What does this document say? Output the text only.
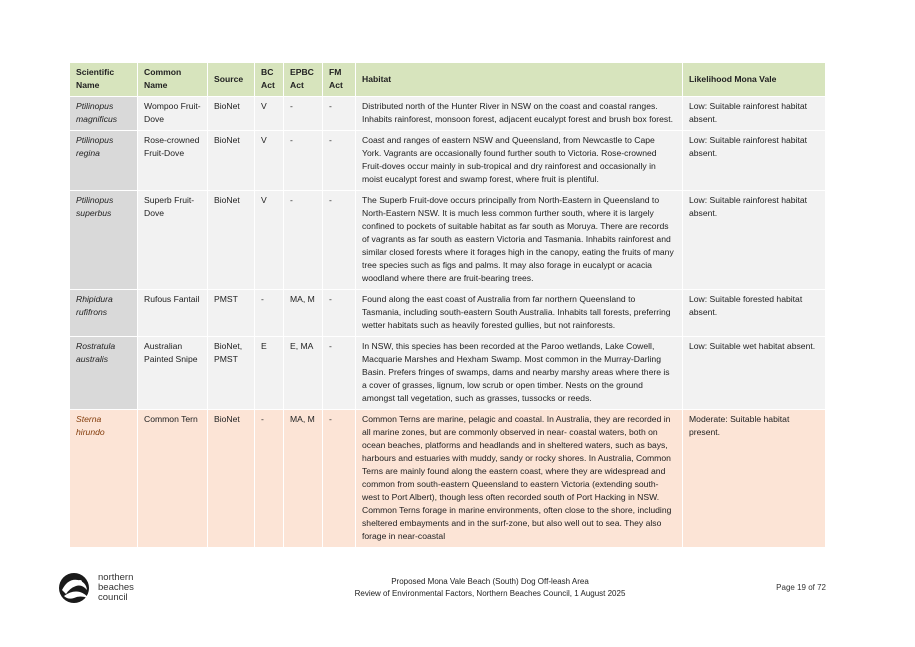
Scientific Name	Common Name	Source	BC Act	EPBC Act	FM Act	Habitat	Likelihood Mona Vale
Ptilinopus magnificus	Wompoo Fruit-Dove	BioNet	V	-	-	Distributed north of the Hunter River in NSW on the coast and coastal ranges. Inhabits rainforest, monsoon forest, adjacent eucalypt forest and brush box forest.	Low: Suitable rainforest habitat absent.
Ptilinopus regina	Rose-crowned Fruit-Dove	BioNet	V	-	-	Coast and ranges of eastern NSW and Queensland, from Newcastle to Cape York. Vagrants are occasionally found further south to Victoria. Rose-crowned Fruit-doves occur mainly in sub-tropical and dry rainforest and occasionally in moist eucalypt forest and swamp forest, where fruit is plentiful.	Low: Suitable rainforest habitat absent.
Ptilinopus superbus	Superb Fruit-Dove	BioNet	V	-	-	The Superb Fruit-dove occurs principally from North-Eastern in Queensland to North-Eastern NSW. It is much less common further south, where it is largely confined to pockets of suitable habitat as far south as Moruya. There are records of vagrants as far south as eastern Victoria and Tasmania. Inhabits rainforest and similar closed forests where it forages high in the canopy, eating the fruits of many tree species such as figs and palms. It may also forage in eucalypt or acacia woodland where there are fruit-bearing trees.	Low: Suitable rainforest habitat absent.
Rhipidura rufifrons	Rufous Fantail	PMST	-	MA, M	-	Found along the east coast of Australia from far northern Queensland to Tasmania, including south-eastern South Australia. Inhabits tall forests, preferring wetter habitats such as heavily forested gullies, but not rainforests.	Low: Suitable forested habitat absent.
Rostratula australis	Australian Painted Snipe	BioNet, PMST	E	E, MA	-	In NSW, this species has been recorded at the Paroo wetlands, Lake Cowell, Macquarie Marshes and Hexham Swamp. Most common in the Murray-Darling Basin. Prefers fringes of swamps, dams and nearby marshy areas where there is a cover of grasses, lignum, low scrub or open timber. Nests on the ground amongst tall vegetation, such as grasses, tussocks or reeds.	Low: Suitable wet habitat absent.
Sterna hirundo	Common Tern	BioNet	-	MA, M	-	Common Terns are marine, pelagic and coastal. In Australia, they are recorded in all marine zones, but are commonly observed in near- coastal waters, both on ocean beaches, platforms and headlands and in sheltered waters, such as bays, harbours and estuaries with muddy, sandy or rocky shores. In Australia, Common Terns are mainly found along the eastern coast, where they are widespread and common from south-eastern Queensland to eastern Victoria (extending south-west to Port Albert), though less often recorded south of Port Hacking in NSW. Common Terns forage in marine environments, often close to the shore, including sheltered embayments and in the surf-zone, but also well out to sea. They also forage in near-coastal	Moderate: Suitable habitat present.
northern
beaches
council
Proposed Mona Vale Beach (South) Dog Off-leash Area
Review of Environmental Factors, Northern Beaches Council, 1 August 2025
Page 19 of 72
